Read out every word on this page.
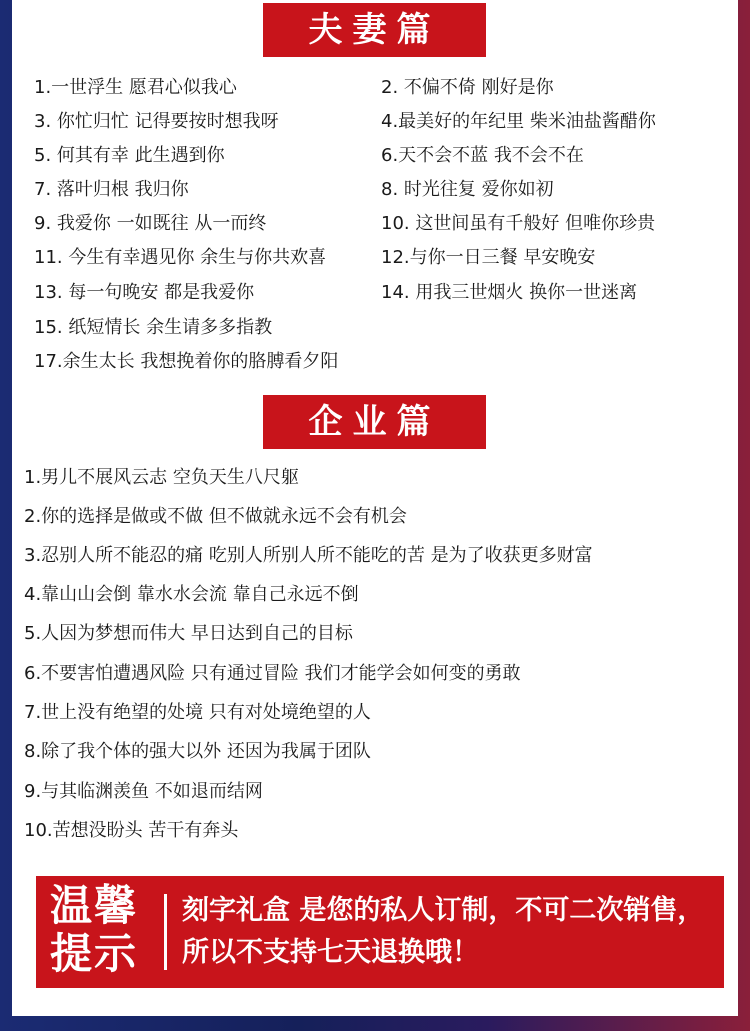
夫妻篇
1.一世浮生 愿君心似我心	2. 不偏不倚 刚好是你
3. 你忙归忙 记得要按时想我呀	4.最美好的年纪里 柴米油盐酱醋你
5. 何其有幸 此生遇到你	6.天不会不蓝 我不会不在
7. 落叶归根 我归你	8. 时光往复 爱你如初
9. 我爱你 一如既往 从一而终	10. 这世间虽有千般好 但唯你珍贵
11. 今生有幸遇见你 余生与你共欢喜	12.与你一日三餐 早安晚安
13. 每一句晚安 都是我爱你	14. 用我三世烟火 换你一世迷离
15. 纸短情长 余生请多多指教
17.余生太长 我想挽着你的胳膊看夕阳
企业篇
1.男儿不展风云志 空负天生八尺躯
2.你的选择是做或不做 但不做就永远不会有机会
3.忍别人所不能忍的痛 吃别人所别人所不能吃的苦 是为了收获更多财富
4.靠山山会倒 靠水水会流 靠自己永远不倒
5.人因为梦想而伟大 早日达到自己的目标
6.不要害怕遭遇风险 只有通过冒险 我们才能学会如何变的勇敢
7.世上没有绝望的处境 只有对处境绝望的人
8.除了我个体的强大以外 还因为我属于团队
9.与其临渊羡鱼 不如退而结网
10.苦想没盼头 苦干有奔头
温馨提示
刻字礼盒 是您的私人订制，不可二次销售，所以不支持七天退换哦！
